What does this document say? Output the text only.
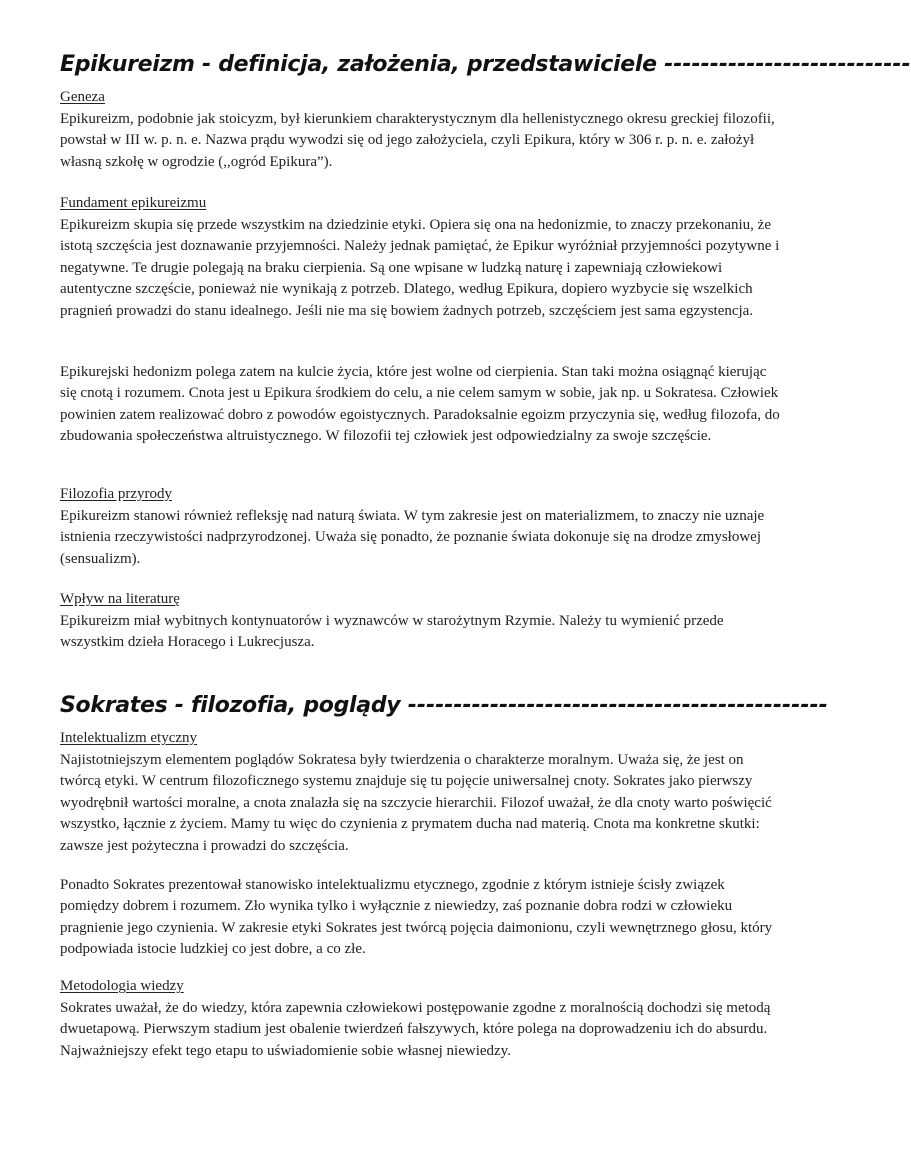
Epikureizm - definicja, założenia, przedstawiciele ---------------------------
Geneza
Epikureizm, podobnie jak stoicyzm, był kierunkiem charakterystycznym dla hellenistycznego okresu greckiej filozofii, powstał w III w. p. n. e. Nazwa prądu wywodzi się od jego założyciela, czyli Epikura, który w 306 r. p. n. e. założył własną szkołę w ogrodzie (,,ogród Epikura”).
Fundament epikureizmu
Epikureizm skupia się przede wszystkim na dziedzinie etyki. Opiera się ona na hedonizmie, to znaczy przekonaniu, że istotą szczęścia jest doznawanie przyjemności. Należy jednak pamiętać, że Epikur wyróżniał przyjemności pozytywne i negatywne. Te drugie polegają na braku cierpienia. Są one wpisane w ludzką naturę i zapewniają człowiekowi autentyczne szczęście, ponieważ nie wynikają z potrzeb. Dlatego, według Epikura, dopiero wyzbycie się wszelkich pragnień prowadzi do stanu idealnego. Jeśli nie ma się bowiem żadnych potrzeb, szczęściem jest sama egzystencja.
Epikurejski hedonizm polega zatem na kulcie życia, które jest wolne od cierpienia. Stan taki można osiągnąć kierując się cnotą i rozumem. Cnota jest u Epikura środkiem do celu, a nie celem samym w sobie, jak np. u Sokratesa. Człowiek powinien zatem realizować dobro z powodów egoistycznych. Paradoksalnie egoizm przyczynia się, według filozofa, do zbudowania społeczeństwa altruistycznego. W filozofii tej człowiek jest odpowiedzialny za swoje szczęście.
Filozofia przyrody
Epikureizm stanowi również refleksję nad naturą świata. W tym zakresie jest on materializmem, to znaczy nie uznaje istnienia rzeczywistości nadprzyrodzonej. Uważa się ponadto, że poznanie świata dokonuje się na drodze zmysłowej (sensualizm).
Wpływ na literaturę
Epikureizm miał wybitnych kontynuatorów i wyznawców w starożytnym Rzymie. Należy tu wymienić przede wszystkim dzieła Horacego i Lukrecjusza.
Sokrates - filozofia, poglądy ----------------------------------------------
Intelektualizm etyczny
Najistotniejszym elementem poglądów Sokratesa były twierdzenia o charakterze moralnym. Uważa się, że jest on twórcą etyki. W centrum filozoficznego systemu znajduje się tu pojęcie uniwersalnej cnoty. Sokrates jako pierwszy wyodrębnił wartości moralne, a cnota znalazła się na szczycie hierarchii. Filozof uważał, że dla cnoty warto poświęcić wszystko, łącznie z życiem. Mamy tu więc do czynienia z prymatem ducha nad materią. Cnota ma konkretne skutki: zawsze jest pożyteczna i prowadzi do szczęścia.
Ponadto Sokrates prezentował stanowisko intelektualizmu etycznego, zgodnie z którym istnieje ścisły związek pomiędzy dobrem i rozumem. Zło wynika tylko i wyłącznie z niewiedzy, zaś poznanie dobra rodzi w człowieku pragnienie jego czynienia. W zakresie etyki Sokrates jest twórcą pojęcia daimonionu, czyli wewnętrznego głosu, który podpowiada istocie ludzkiej co jest dobre, a co złe.
Metodologia wiedzy
Sokrates uważał, że do wiedzy, która zapewnia człowiekowi postępowanie zgodne z moralnością dochodzi się metodą dwuetapową. Pierwszym stadium jest obalenie twierdzeń fałszywych, które polega na doprowadzeniu ich do absurdu. Najważniejszy efekt tego etapu to uświadomienie sobie własnej niewiedzy.
